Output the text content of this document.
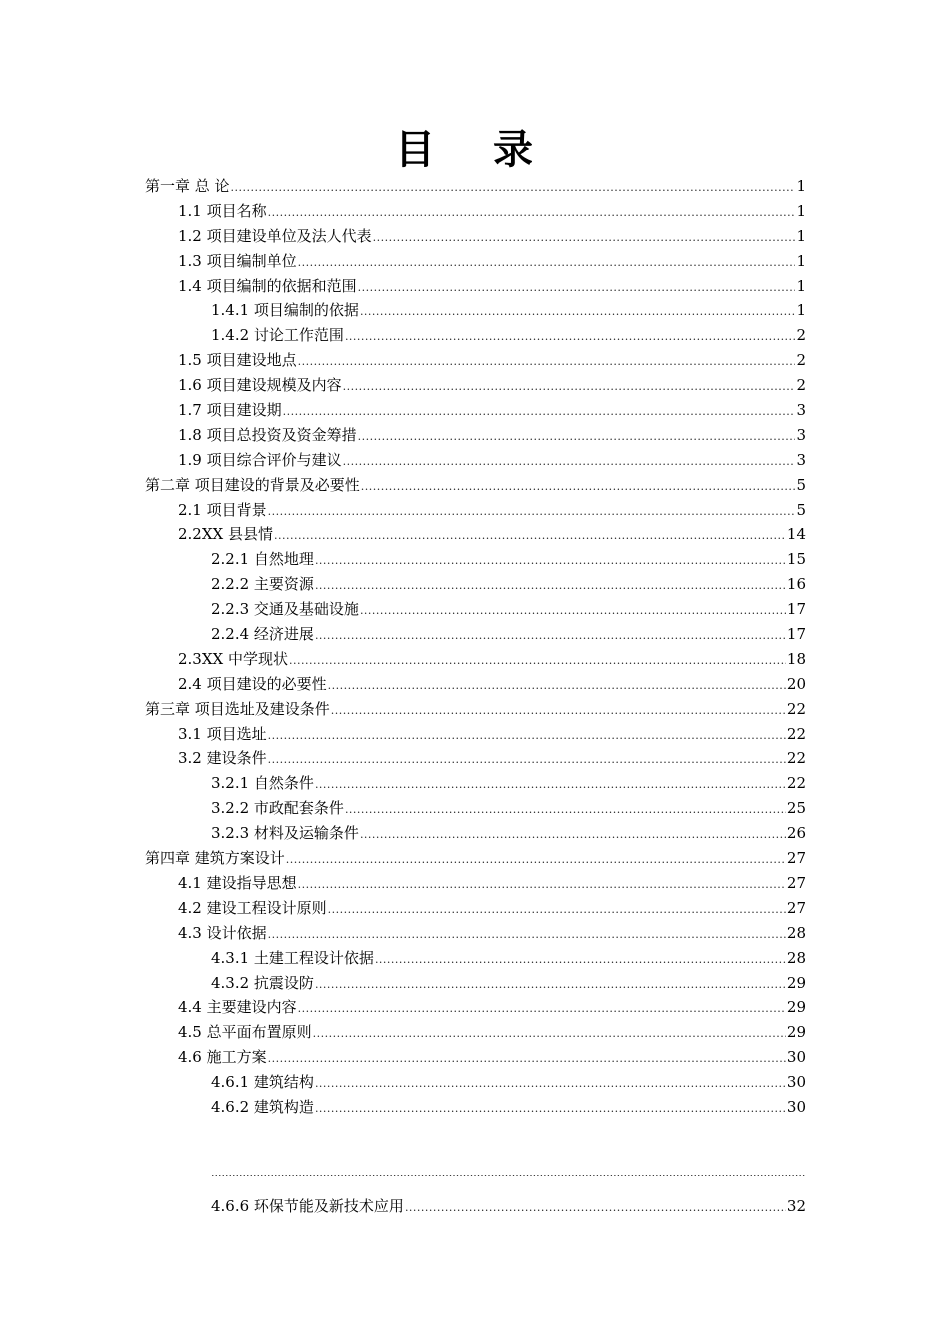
目 录
第一章 总 论 .....	1
1.1 项目名称 .....	1
1.2 项目建设单位及法人代表 .....	1
1.3 项目编制单位 .....	1
1.4 项目编制的依据和范围 .....	1
1.4.1 项目编制的依据 .....	1
1.4.2 讨论工作范围 .....	2
1.5 项目建设地点 .....	2
1.6 项目建设规模及内容 .....	2
1.7 项目建设期 .....	3
1.8 项目总投资及资金筹措 .....	3
1.9 项目综合评价与建议 .....	3
第二章 项目建设的背景及必要性 .....	5
2.1 项目背景 .....	5
2.2XX 县县情 .....	14
2.2.1 自然地理 .....	15
2.2.2 主要资源 .....	16
2.2.3 交通及基础设施 .....	17
2.2.4 经济进展 .....	17
2.3XX 中学现状 .....	18
2.4 项目建设的必要性 .....	20
第三章 项目选址及建设条件 .....	22
3.1 项目选址 .....	22
3.2 建设条件 .....	22
3.2.1 自然条件 .....	22
3.2.2 市政配套条件 .....	25
3.2.3 材料及运输条件 .....	26
第四章 建筑方案设计 .....	27
4.1 建设指导思想 .....	27
4.2 建设工程设计原则 .....	27
4.3 设计依据 .....	28
4.3.1 土建工程设计依据 .....	28
4.3.2 抗震设防 .....	29
4.4 主要建设内容 .....	29
4.5 总平面布置原则 .....	29
4.6 施工方案 .....	30
4.6.1 建筑结构 .....	30
4.6.2 建筑构造 .....	30
.....
4.6.6 环保节能及新技术应用 .....	32
